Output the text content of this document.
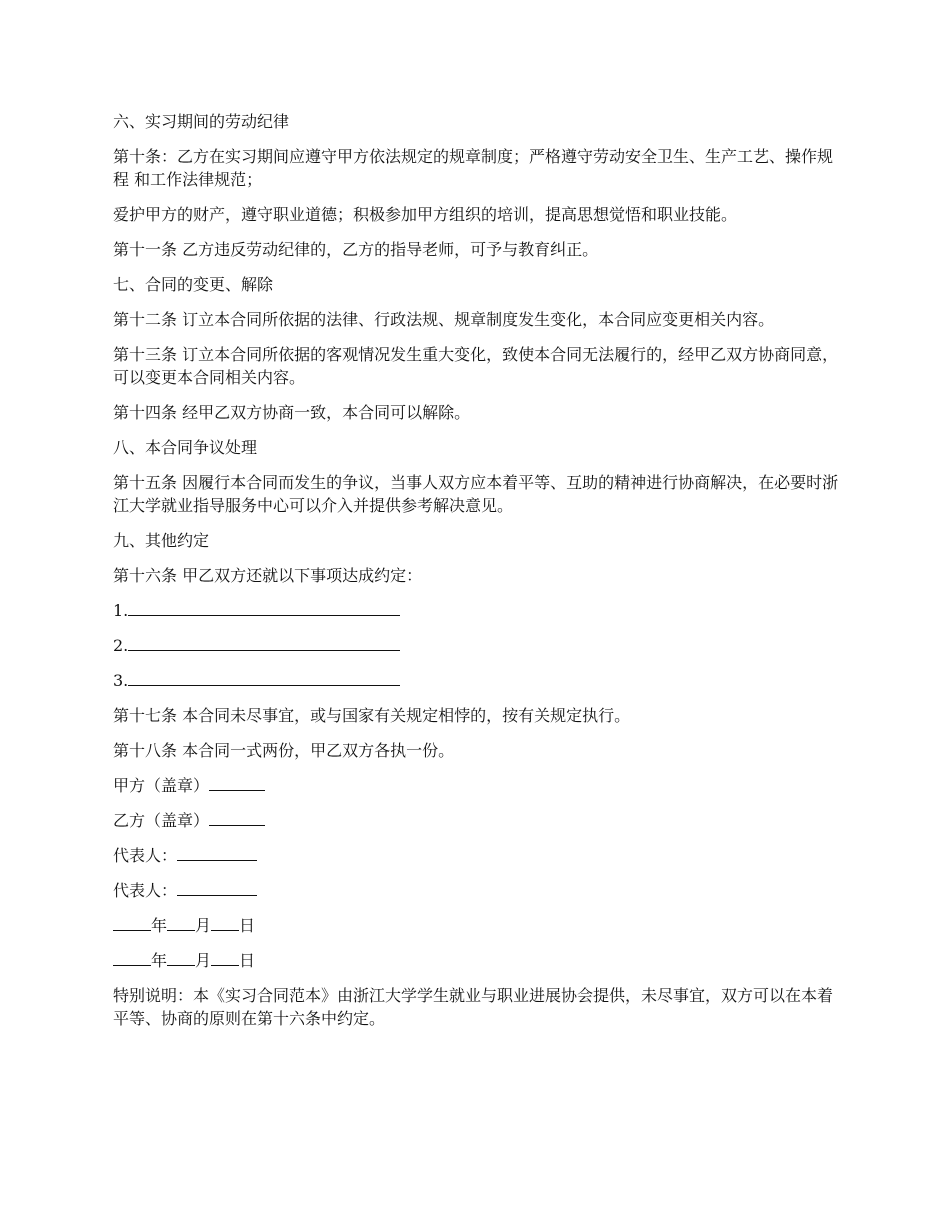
六、实习期间的劳动纪律

第十条：乙方在实习期间应遵守甲方依法规定的规章制度；严格遵守劳动安全卫生、生产工艺、操作规程 和工作法律规范；

爱护甲方的财产，遵守职业道德；积极参加甲方组织的培训，提高思想觉悟和职业技能。

第十一条 乙方违反劳动纪律的，乙方的指导老师，可予与教育纠正。

七、合同的变更、解除

第十二条 订立本合同所依据的法律、行政法规、规章制度发生变化，本合同应变更相关内容。

第十三条 订立本合同所依据的客观情况发生重大变化，致使本合同无法履行的，经甲乙双方协商同意，可以变更本合同相关内容。

第十四条 经甲乙双方协商一致，本合同可以解除。

八、本合同争议处理

第十五条 因履行本合同而发生的争议，当事人双方应本着平等、互助的精神进行协商解决，在必要时浙江大学就业指导服务中心可以介入并提供参考解决意见。

九、其他约定

第十六条 甲乙双方还就以下事项达成约定：

1.
2.
3.

第十七条 本合同未尽事宜，或与国家有关规定相悖的，按有关规定执行。

第十八条 本合同一式两份，甲乙双方各执一份。

甲方（盖章）
乙方（盖章）
代表人：
代表人：
年 月 日
年 月 日

特别说明：本《实习合同范本》由浙江大学学生就业与职业进展协会提供，未尽事宜，双方可以在本着平等、协商的原则在第十六条中约定。
